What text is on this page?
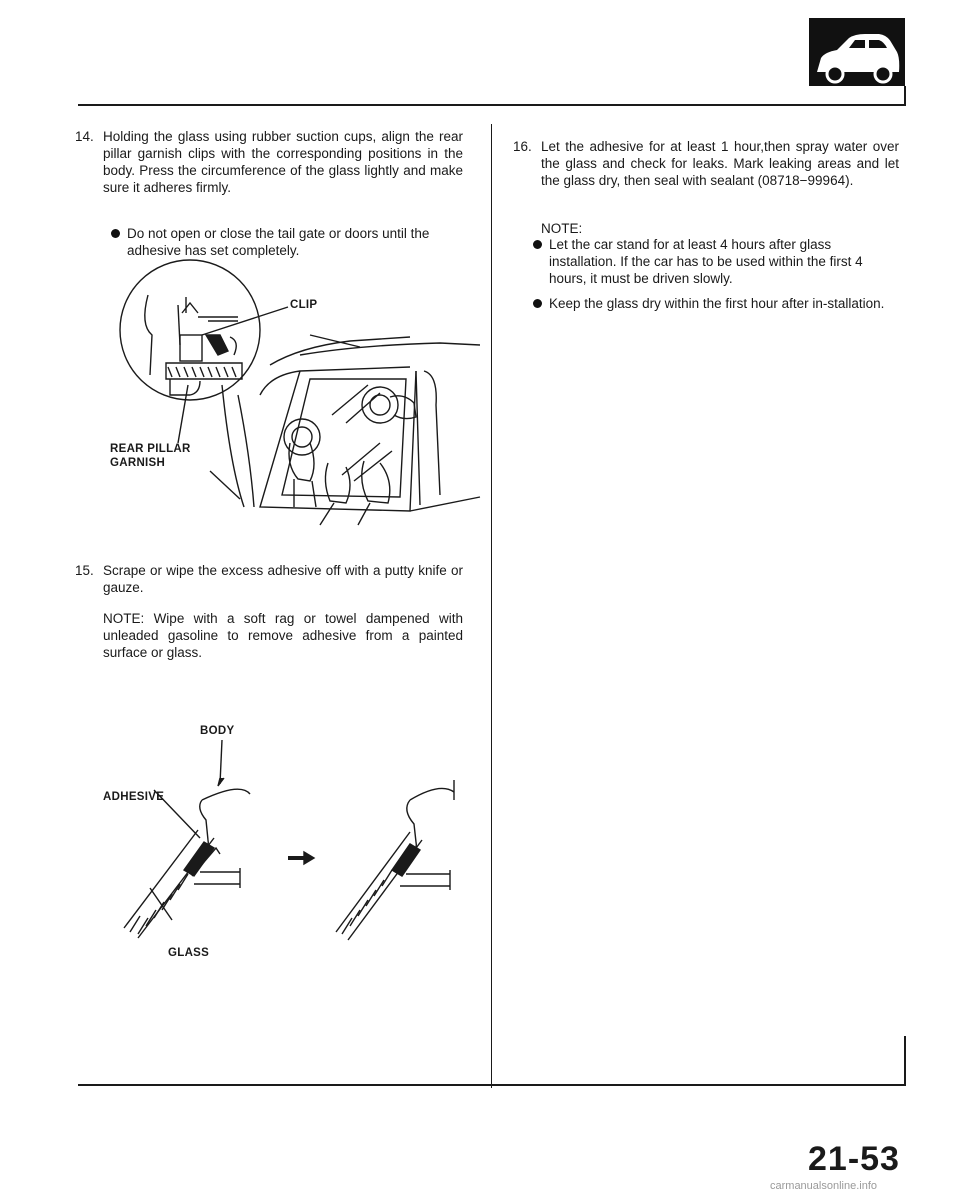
14. Holding the glass using rubber suction cups, align the rear pillar garnish clips with the corresponding positions in the body. Press the circumference of the glass lightly and make sure it adheres firmly.
Do not open or close the tail gate or doors until the adhesive has set completely.
CLIP
REAR PILLAR GARNISH
15. Scrape or wipe the excess adhesive off with a putty knife or gauze.
NOTE: Wipe with a soft rag or towel dampened with unleaded gasoline to remove adhesive from a painted surface or glass.
BODY
ADHESIVE
GLASS
16. Let the adhesive for at least 1 hour,then spray water over the glass and check for leaks. Mark leaking areas and let the glass dry, then seal with sealant (08718−99964).
NOTE:
Let the car stand for at least 4 hours after glass installation. If the car has to be used within the first 4 hours, it must be driven slowly.
Keep the glass dry within the first hour after in-stallation.
21-53
carmanualsonline.info
